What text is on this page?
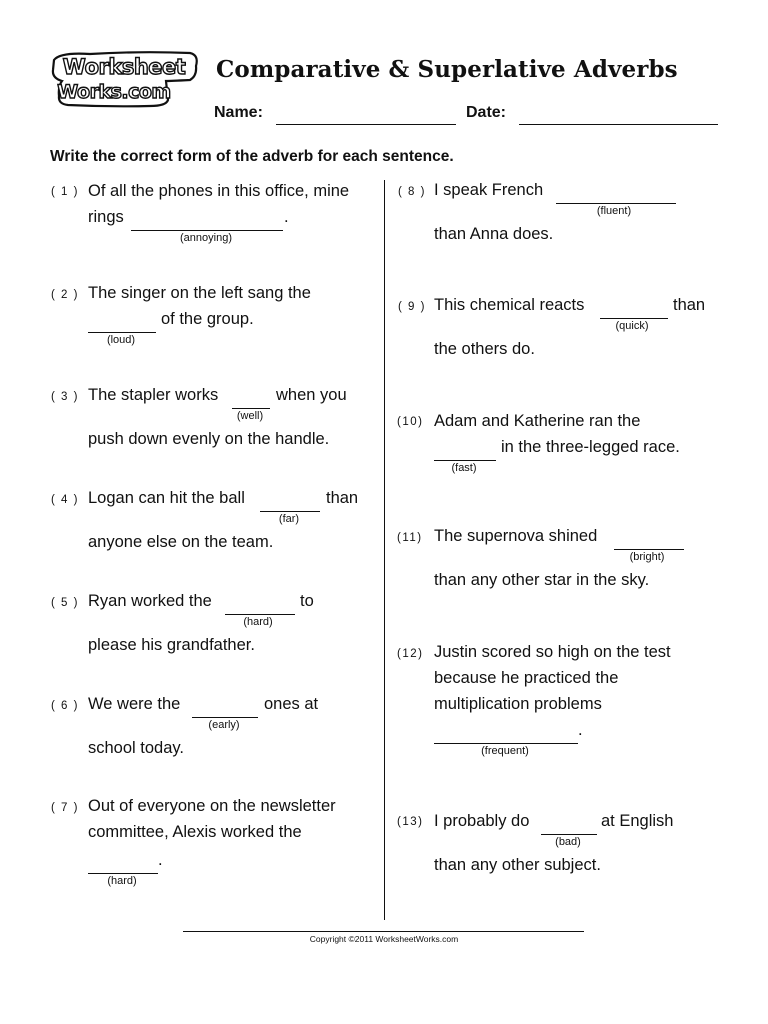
Worksheet
Works.com
Comparative & Superlative Adverbs
Name:	Date:
Write the correct form of the adverb for each sentence.
( 1 ) Of all the phones in this office, mine
rings	.
(annoying)
( 2 ) The singer on the left sang the
of the group.
(loud)
( 3 ) The stapler works	when you
(well)
push down evenly on the handle.
( 4 ) Logan can hit the ball	than
(far)
anyone else on the team.
( 5 ) Ryan worked the	to
(hard)
please his grandfather.
( 6 ) We were the	ones at
(early)
school today.
( 7 ) Out of everyone on the newsletter
committee, Alexis worked the
.
(hard)
( 8 ) I speak French
(fluent)
than Anna does.
( 9 ) This chemical reacts	than
(quick)
the others do.
(10) Adam and Katherine ran the
in the three-legged race.
(fast)
(11) The supernova shined
(bright)
than any other star in the sky.
(12) Justin scored so high on the test
because he practiced the
multiplication problems
.
(frequent)
(13) I probably do	at English
(bad)
than any other subject.
Copyright ©2011 WorksheetWorks.com
